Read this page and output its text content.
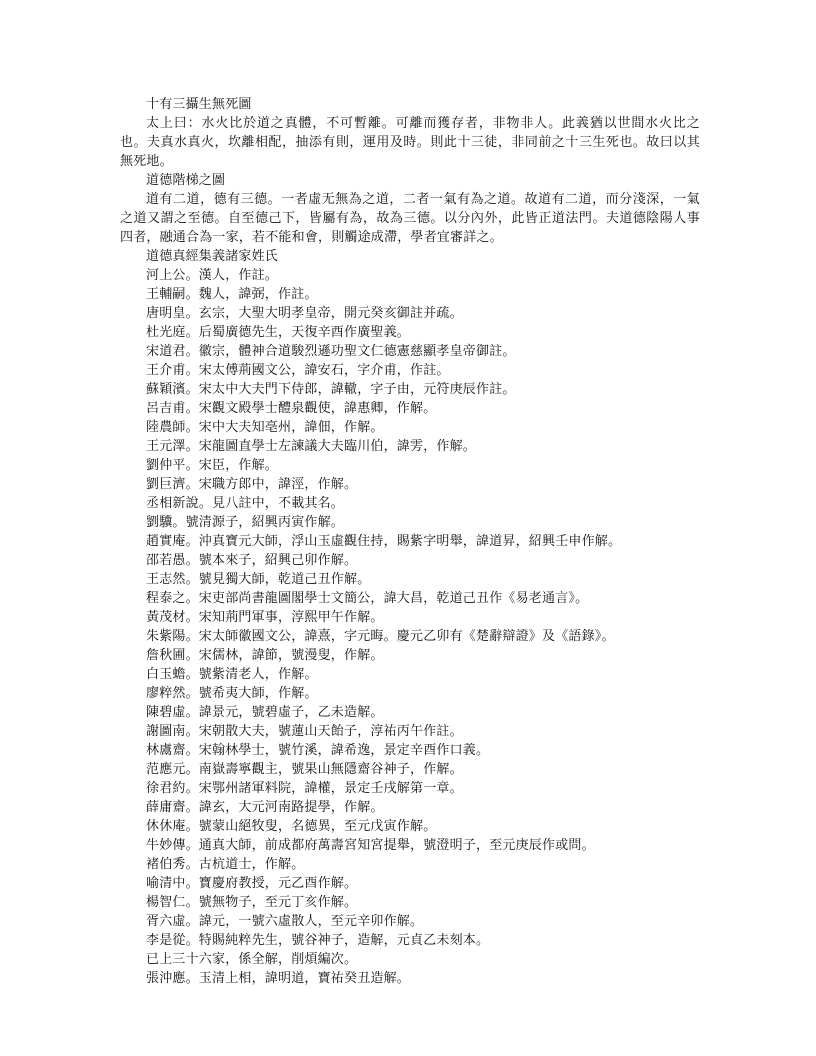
十有三攝生無死圖
太上曰：水火比於道之真體，不可暫離。可離而獲存者，非物非人。此義猶以世間水火比之也。夫真水真火，坎離相配，抽添有則，運用及時。則此十三徒，非同前之十三生死也。故曰以其無死地。
道德階梯之圖
道有二道，德有三德。一者虛无無為之道，二者一氣有為之道。故道有二道，而分淺深，一氣之道又謂之至德。自至德己下，皆屬有為，故為三德。以分內外，此皆正道法門。夫道德陰陽人事四者，融通合為一家，若不能和會，則觸途成滯，學者宜審詳之。
道德真經集義諸家姓氏
河上公。漢人，作註。
王輔嗣。魏人，諱弼，作註。
唐明皇。玄宗，大聖大明孝皇帝，開元癸亥御註并疏。
杜光庭。后蜀廣德先生，天復辛酉作廣聖義。
宋道君。徽宗，體神合道駿烈遜功聖文仁德憲慈顯孝皇帝御註。
王介甫。宋太傅荊國文公，諱安石，字介甫，作註。
蘇穎濱。宋太中大夫門下侍郎，諱轍，字子由，元符庚辰作註。
呂吉甫。宋觀文殿學士醴泉觀使，諱惠卿，作解。
陸農師。宋中大夫知亳州，諱佃，作解。
王元澤。宋龍圖直學士左諫議大夫臨川伯，諱雱，作解。
劉仲平。宋臣，作解。
劉巨濟。宋職方郎中，諱涇，作解。
丞相新說。見八註中，不載其名。
劉驥。號清源子，紹興丙寅作解。
趙實庵。沖真寶元大師，浮山玉虛觀住持，賜紫字明舉，諱道昇，紹興壬申作解。
邵若愚。號本來子，紹興己卯作解。
王志然。號見獨大師，乾道己丑作解。
程泰之。宋吏部尚書龍圖閣學士文簡公，諱大昌，乾道己丑作《易老通言》。
黃茂材。宋知荊門軍事，淳熙甲午作解。
朱紫陽。宋太師徽國文公，諱熹，字元晦。慶元乙卯有《楚辭辯證》及《語錄》。
詹秋圃。宋儒林，諱節，號漫叟，作解。
白玉蟾。號紫清老人，作解。
廖粹然。號希夷大師，作解。
陳碧虛。諱景元，號碧虛子，乙未造解。
謝圖南。宋朝散大夫，號蓮山天飴子，淳祐丙午作註。
林鬳齋。宋翰林學士，號竹溪，諱希逸，景定辛酉作口義。
范應元。南嶽壽寧觀主，號果山無隱齋谷神子，作解。
徐君約。宋鄂州諸軍料院，諱權，景定壬戌解第一章。
薛庸齋。諱玄，大元河南路提學，作解。
休休庵。號蒙山絕牧叟，名德異，至元戊寅作解。
牛妙傳。通真大師，前成都府萬壽宮知宮提舉，號澄明子，至元庚辰作或問。
褚伯秀。古杭道士，作解。
喻清中。寶慶府教授，元乙酉作解。
楊智仁。號無物子，至元丁亥作解。
胥六虛。諱元，一號六虛散人，至元辛卯作解。
李是從。特賜純粹先生，號谷神子，造解，元貞乙未刻本。
已上三十六家，係全解，削煩編次。
張沖應。玉清上相，諱明道，寶祐癸丑造解。
